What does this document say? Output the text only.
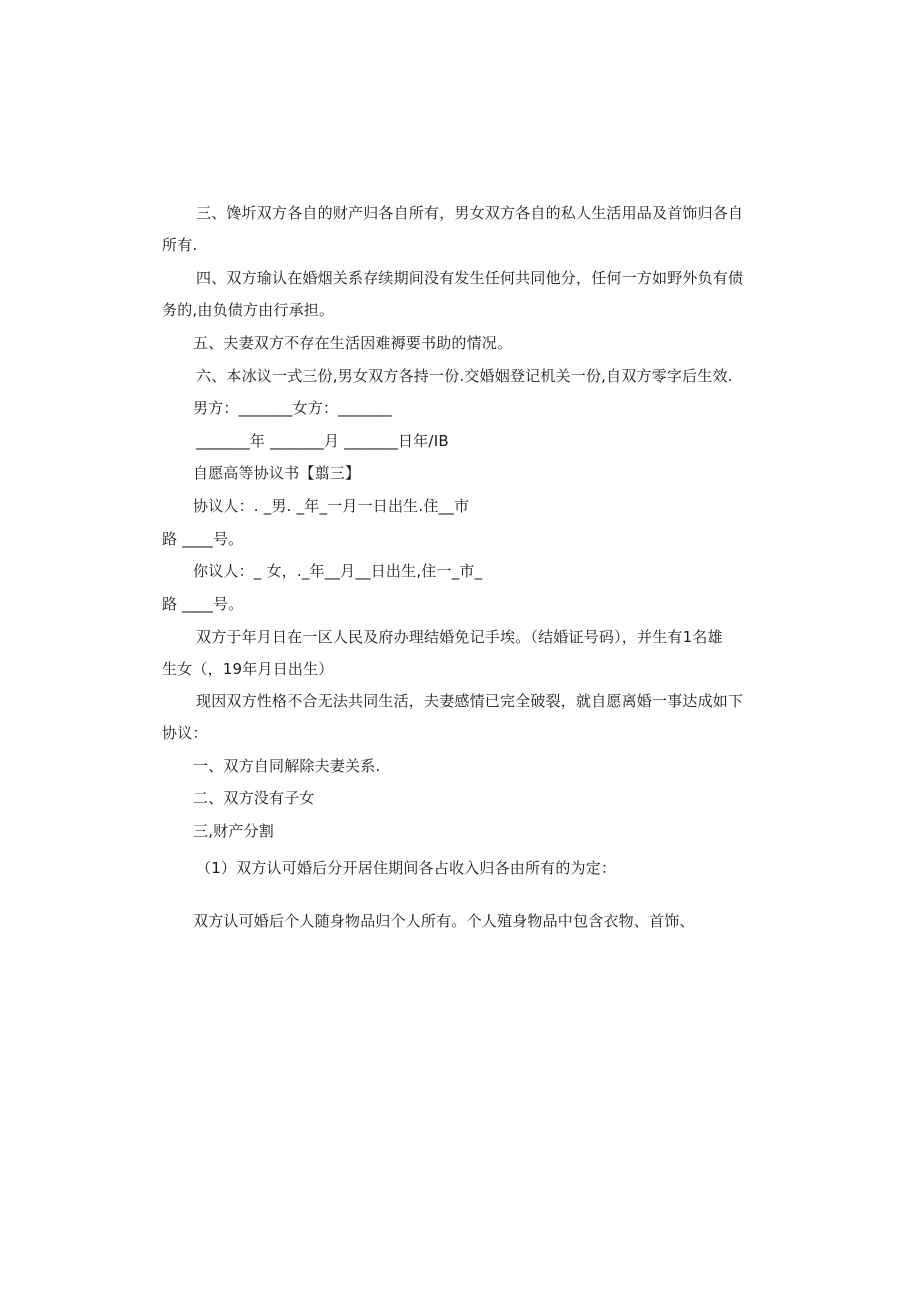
三、馋圻双方各自的财产归各自所有，男女双方各自的私人生活用品及首饰归各自
所有.
四、双方瑜认在婚烟关系存续期间没有发生任何共同他分，任何一方如野外负有债
务的,由负债方由行承担。
五、夫妻双方不存在生活因难褥要书助的情况。
六、本冰议一式三份,男女双方各持一份.交婚姻登记机关一份,自双方零字后生效.
男方：_______女方：_______
_______年 _______月 _______日年/IB
自愿高等协议书【翦三】
协议人：. _男. _年_一月一日出生.住__市
路 ____号。
你议人：_ 女，._年__月__日出生,住一_市_
路 ____号。
双方于年月日在一区人民及府办理结婚免记手埃。（结婚证号码），并生有1名雄
生女（，19年月日出生）
现因双方性格不合无法共同生活，夫妻感情已完全破裂，就自愿离婚一事达成如下
协议：
一、双方自同解除夫妻关系.
二、双方没有子女
三,财产分割
（1）双方认可婚后分开居住期间各占收入归各由所有的为定：
双方认可婚后个人随身物品归个人所有。个人殖身物品中包含衣物、首饰、
